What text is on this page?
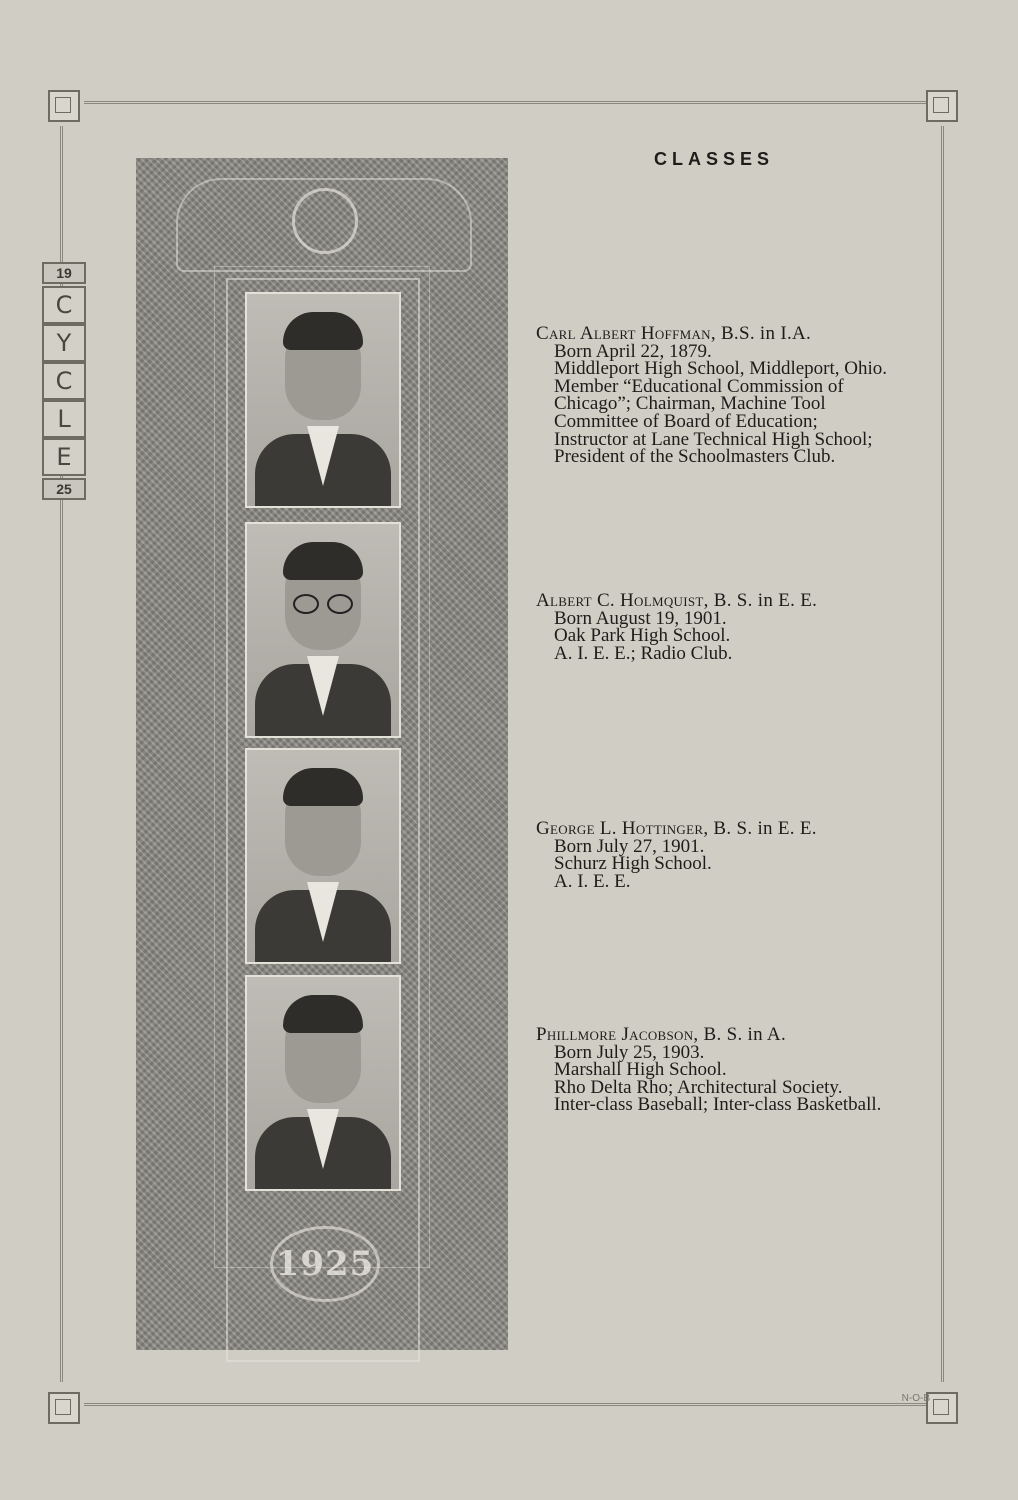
19
C
Y
C
L
E
25
1925
CLASSES
Carl Albert Hoffman, B.S. in I.A.
Born April 22, 1879.
Middleport High School, Middleport, Ohio.
Member “Educational Commission of Chicago”; Chairman, Machine Tool Committee of Board of Education; Instructor at Lane Technical High School; President of the Schoolmasters Club.
Albert C. Holmquist, B. S. in E. E.
Born August 19, 1901.
Oak Park High School.
A. I. E. E.; Radio Club.
George L. Hottinger, B. S. in E. E.
Born July 27, 1901.
Schurz High School.
A. I. E. E.
Phillmore Jacobson, B. S. in A.
Born July 25, 1903.
Marshall High School.
Rho Delta Rho; Architectural Society.
Inter-class Baseball; Inter-class Basketball.
N-O-B
